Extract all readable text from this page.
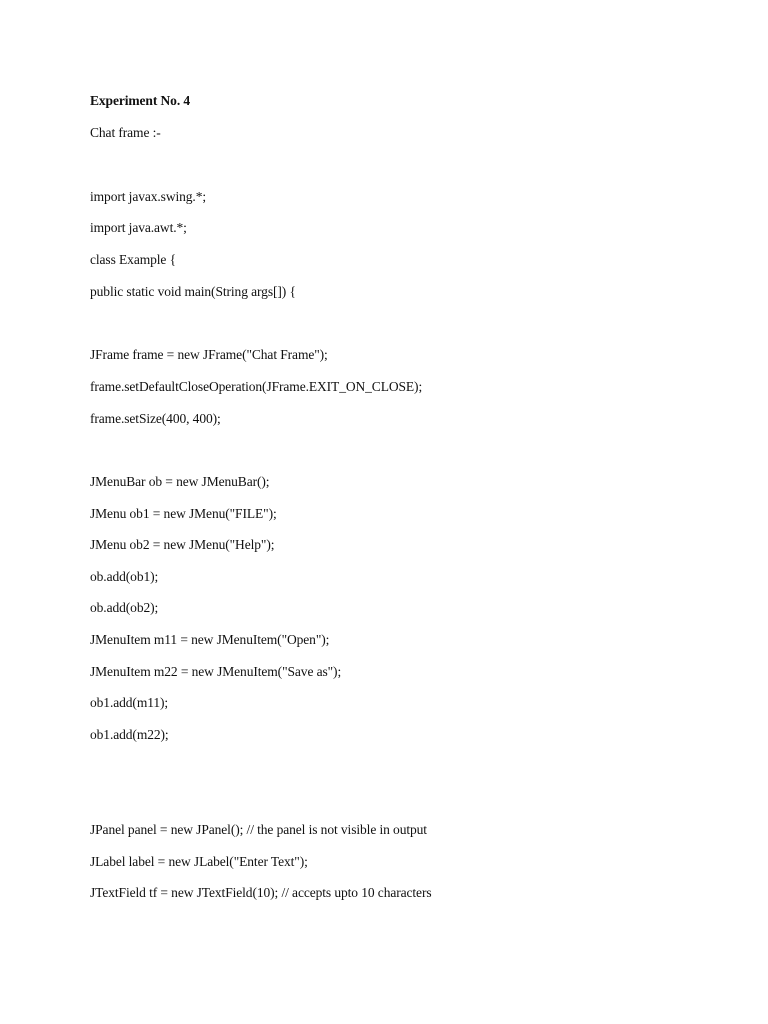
Experiment No. 4
Chat frame :-
import javax.swing.*;
import java.awt.*;
class Example {
public static void main(String args[]) {
JFrame frame = new JFrame("Chat Frame");
frame.setDefaultCloseOperation(JFrame.EXIT_ON_CLOSE);
frame.setSize(400, 400);
JMenuBar ob = new JMenuBar();
JMenu ob1 = new JMenu("FILE");
JMenu ob2 = new JMenu("Help");
ob.add(ob1);
ob.add(ob2);
JMenuItem m11 = new JMenuItem("Open");
JMenuItem m22 = new JMenuItem("Save as");
ob1.add(m11);
ob1.add(m22);
JPanel panel = new JPanel(); // the panel is not visible in output
JLabel label = new JLabel("Enter Text");
JTextField tf = new JTextField(10); // accepts upto 10 characters
